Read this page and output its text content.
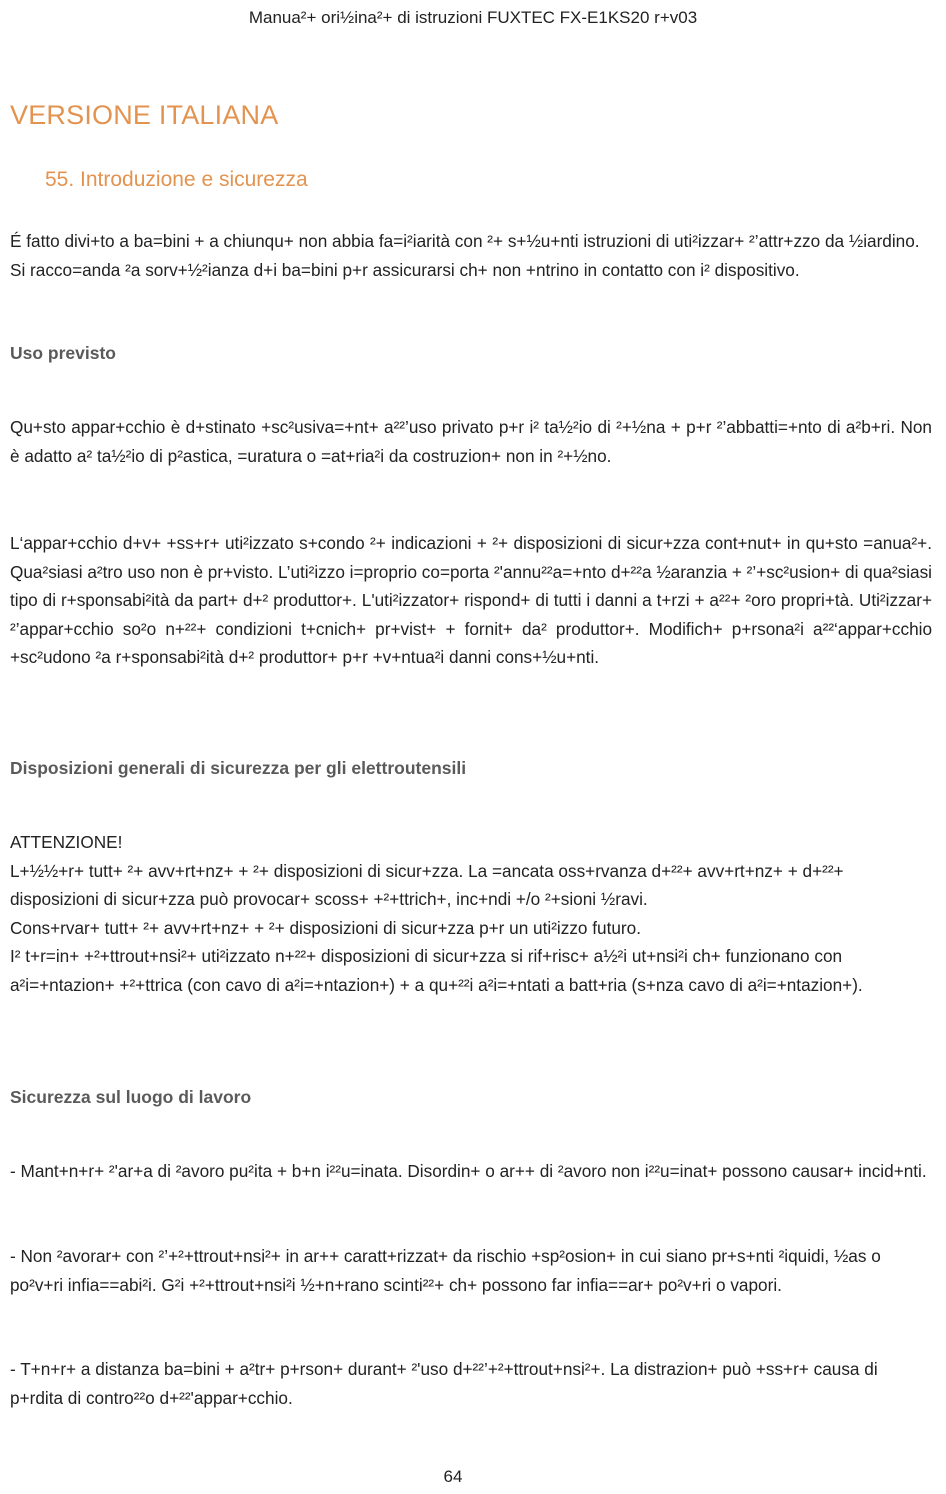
Manua²+ ori½ina²+ di istruzioni FUXTEC FX-E1KS20 r+v03
VERSIONE ITALIANA
55. Introduzione e sicurezza
É fatto divi+to a ba=bini + a chiunqu+ non abbia fa=i²iarità con ²+ s+½u+nti istruzioni di uti²izzar+ ²’attr+zzo da ½iardino. Si racco=anda ²a sorv+½²ianza d+i ba=bini p+r assicurarsi ch+ non +ntrino in contatto con i² dispositivo.
Uso previsto
Qu+sto appar+cchio è d+stinato +sc²usiva=+nt+ a²²’uso privato p+r i² ta½²io di ²+½na + p+r ²’abbatti=+nto di a²b+ri. Non è adatto a² ta½²io di p²astica, =uratura o =at+ria²i da costruzion+ non in ²+½no.
L‘appar+cchio d+v+ +ss+r+ uti²izzato s+condo ²+ indicazioni + ²+ disposizioni di sicur+zza cont+nut+ in qu+sto =anua²+. Qua²siasi a²tro uso non è pr+visto. L’uti²izzo i=proprio co=porta ²'annu²²a=+nto d+²²a ½aranzia + ²’+sc²usion+ di qua²siasi tipo di r+sponsabi²ità da part+ d+² produttor+. L'uti²izzator+ rispond+ di tutti i danni a t+rzi + a²²+ ²oro propri+tà. Uti²izzar+ ²’appar+cchio so²o n+²²+ condizioni t+cnich+ pr+vist+ + fornit+ da² produttor+. Modifich+ p+rsona²i a²²‘appar+cchio +sc²udono ²a r+sponsabi²ità d+² produttor+ p+r +v+ntua²i danni cons+½u+nti.
Disposizioni generali di sicurezza per gli elettroutensili
ATTENZIONE!
L+½½+r+ tutt+ ²+ avv+rt+nz+ + ²+ disposizioni di sicur+zza. La =ancata oss+rvanza d+²²+ avv+rt+nz+ + d+²²+ disposizioni di sicur+zza può provocar+ scoss+ +²+ttrich+, inc+ndi +/o ²+sioni ½ravi.
Cons+rvar+ tutt+ ²+ avv+rt+nz+ + ²+ disposizioni di sicur+zza p+r un uti²izzo futuro.
I² t+r=in+ +²+ttrout+nsi²+ uti²izzato n+²²+ disposizioni di sicur+zza si rif+risc+ a½²i ut+nsi²i ch+ funzionano con a²i=+ntazion+ +²+ttrica (con cavo di a²i=+ntazion+) + a qu+²²i a²i=+ntati a batt+ria (s+nza cavo di a²i=+ntazion+).
Sicurezza sul luogo di lavoro
- Mant+n+r+ ²'ar+a di ²avoro pu²ita + b+n i²²u=inata. Disordin+ o ar++ di ²avoro non i²²u=inat+ possono causar+ incid+nti.
- Non ²avorar+ con ²’+²+ttrout+nsi²+ in ar++ caratt+rizzat+ da rischio +sp²osion+ in cui siano pr+s+nti ²iquidi, ½as o po²v+ri infia==abi²i. G²i +²+ttrout+nsi²i ½+n+rano scinti²²+ ch+ possono far infia==ar+ po²v+ri o vapori.
- T+n+r+ a distanza ba=bini + a²tr+ p+rson+ durant+ ²'uso d+²²’+²+ttrout+nsi²+. La distrazion+ può +ss+r+ causa di p+rdita di contro²²o d+²²'appar+cchio.
64
